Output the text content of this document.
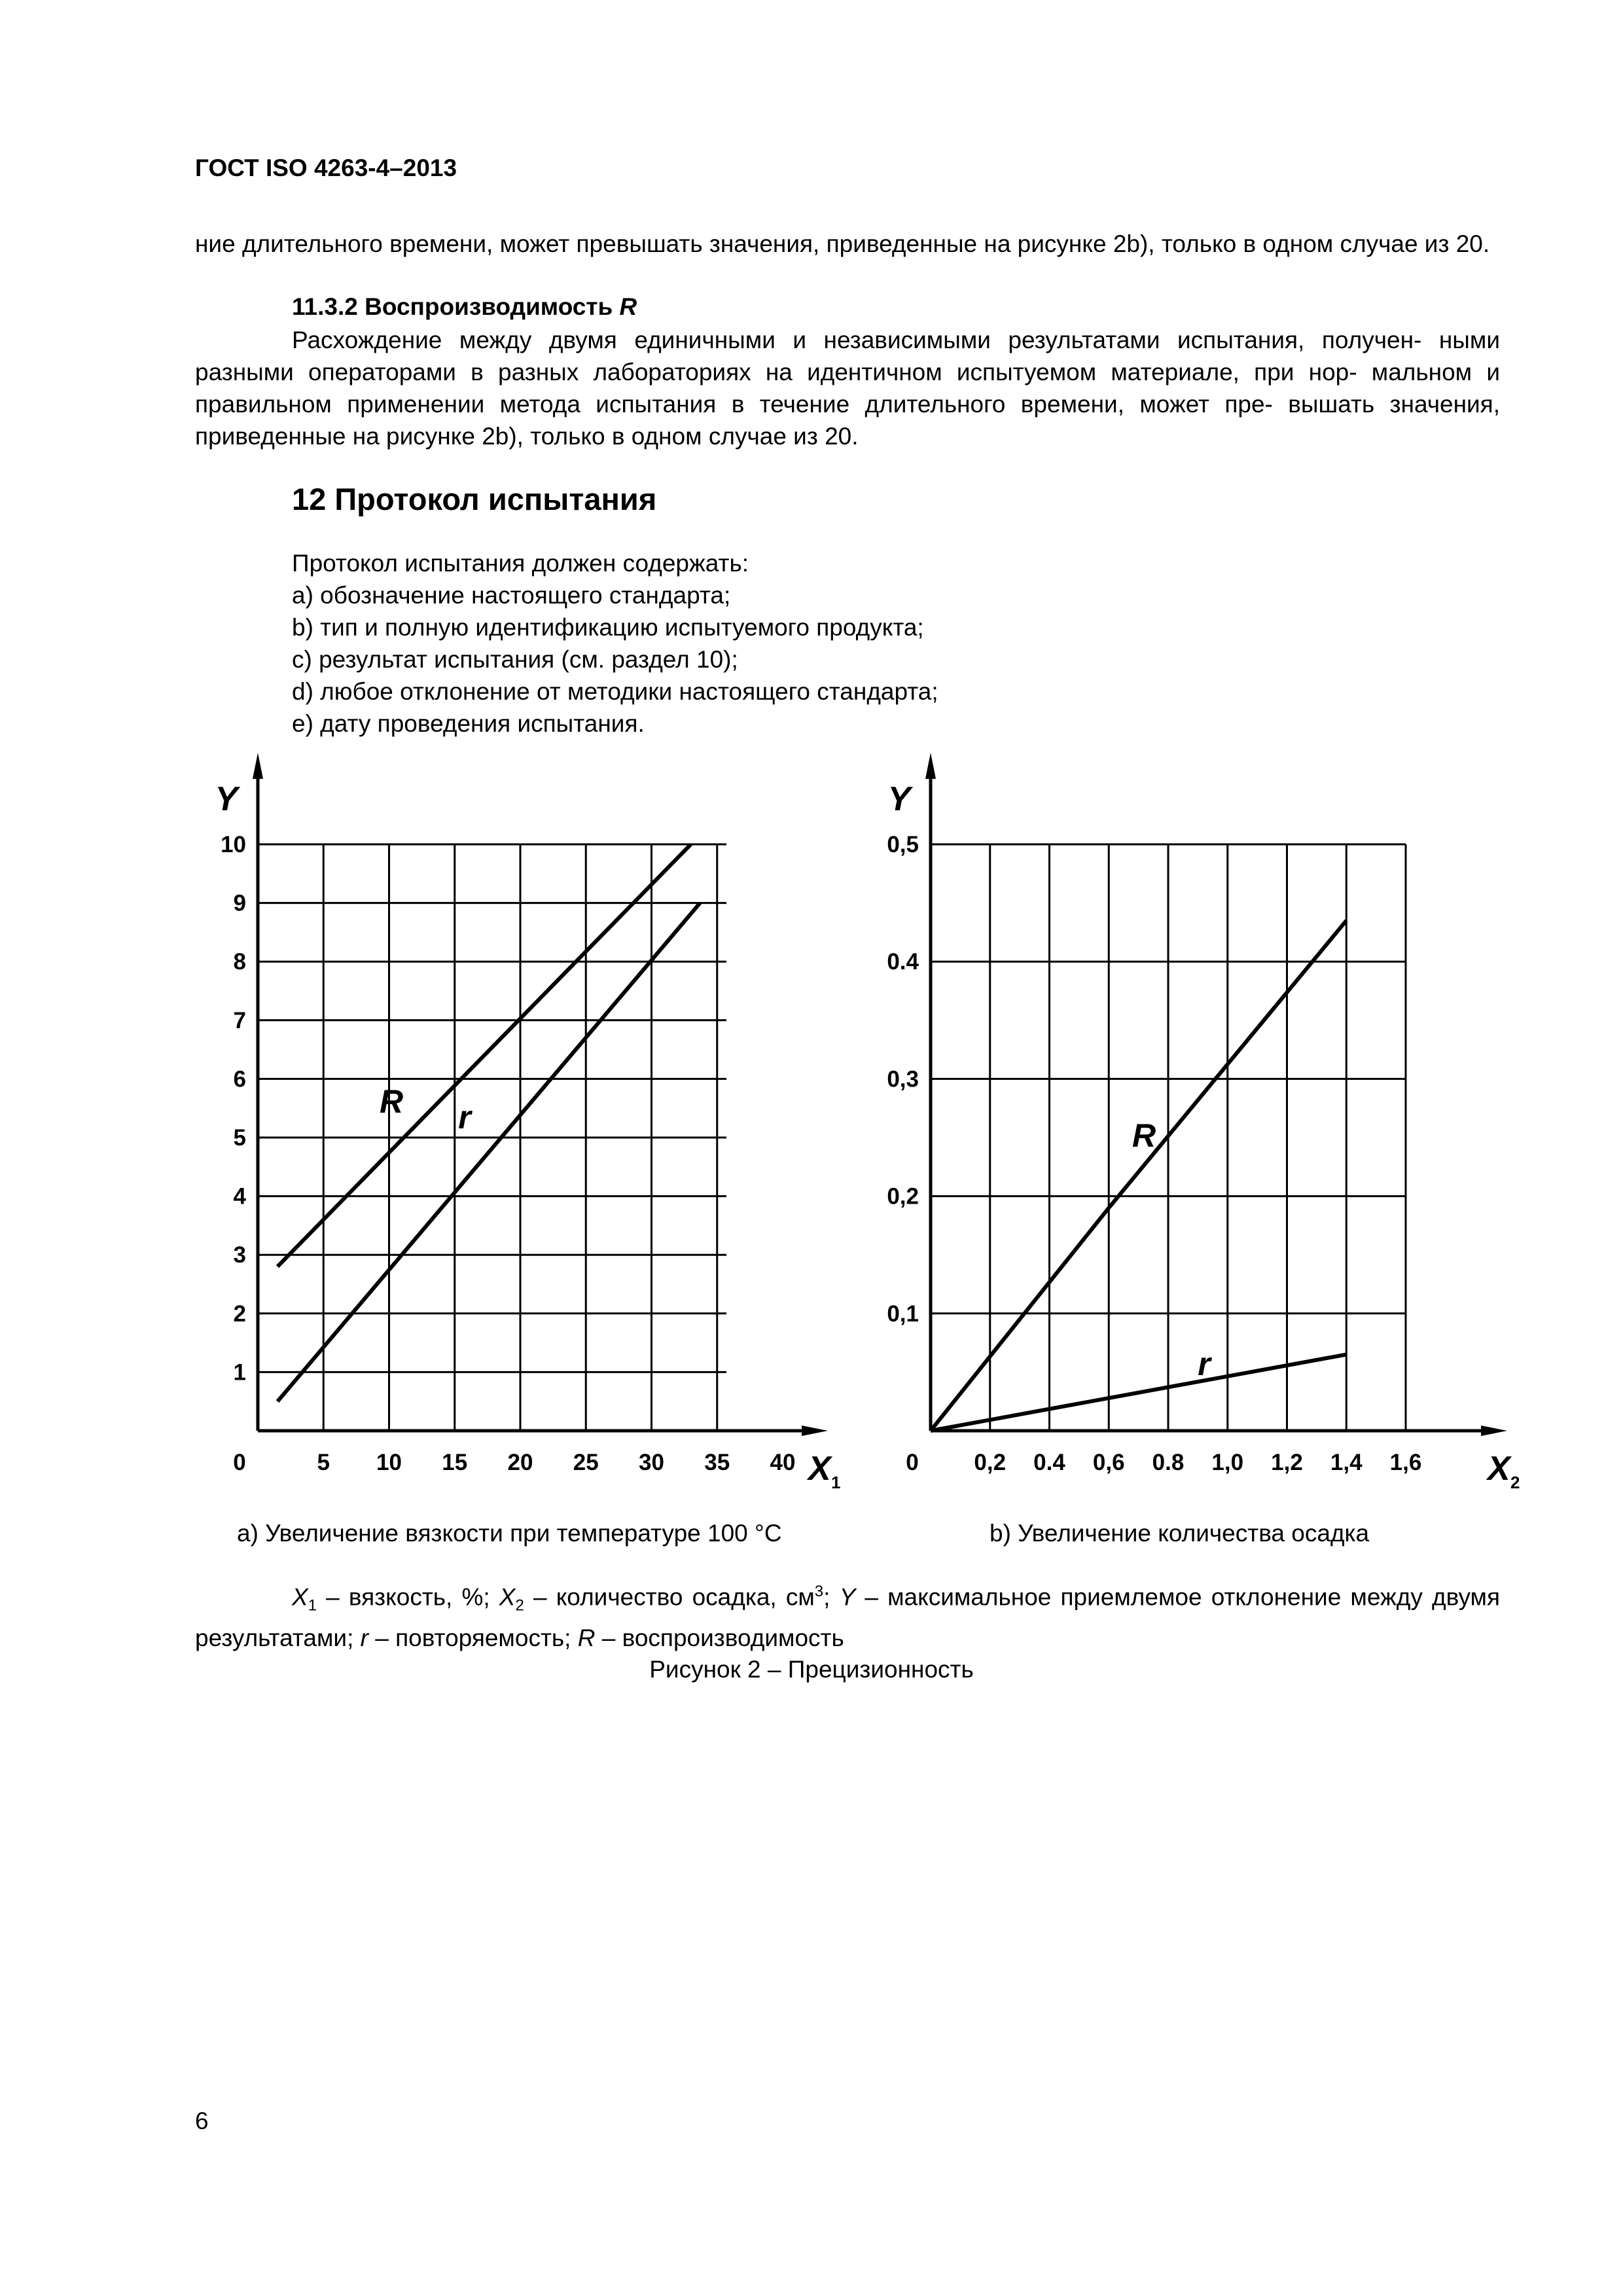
ГОСТ ISO 4263-4–2013
ние длительного времени, может превышать значения, приведенные на рисунке 2b), только в одном случае из 20.
11.3.2 Воспроизводимость R
Расхождение между двумя единичными и независимыми результатами испытания, получен- ными разными операторами в разных лабораториях на идентичном испытуемом материале, при нор- мальном и правильном применении метода испытания в течение длительного времени, может пре- вышать значения, приведенные на рисунке 2b), только в одном случае из 20.
12 Протокол испытания
Протокол испытания должен содержать:
a) обозначение настоящего стандарта;
b) тип и полную идентификацию испытуемого продукта;
c) результат испытания (см. раздел 10);
d) любое отклонение от методики настоящего стандарта;
e) дату проведения испытания.
0	5 10 15 20 25 30 35 40
1
2
3
4
5
6
7
8
9
10
Y
X 1
R r
0 0,2 0.4 0,6 0.8 1,0 1,2 1,4 1,6
0,1
0,2
0,3
0.4
0,5
Y
X 2
R
r
a) Увеличение вязкости при температуре 100 °C	b) Увеличение количества осадка
$X_1$ – вязкость, %; $X_2$ – количество осадка, $см^3$; Y – максимальное приемлемое отклонение между двумя результатами; r – повторяемость; R – воспроизводимость
Рисунок 2 – Прецизионность
6
